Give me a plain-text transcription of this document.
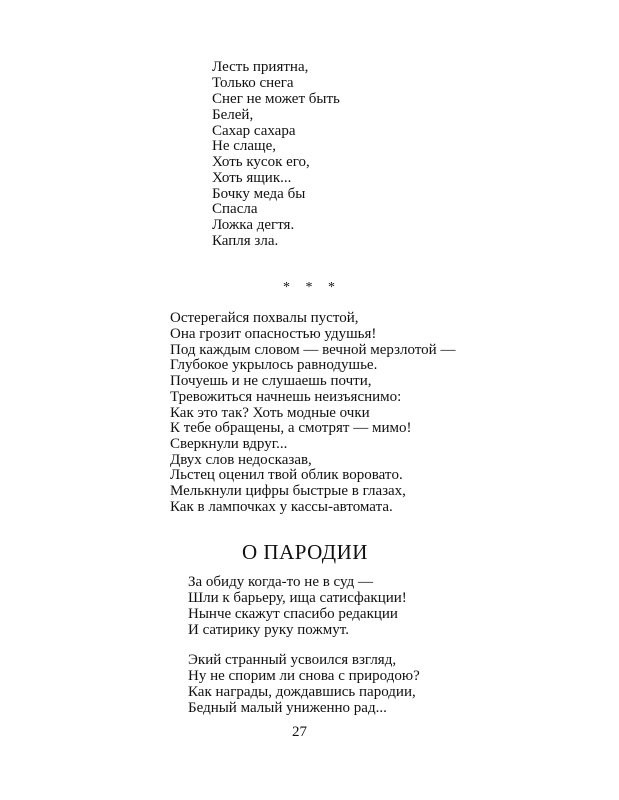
Лесть приятна,
Только снега
Снег не может быть
Белей,
Сахар сахара
Не слаще,
Хоть кусок его,
Хоть ящик...
Бочку меда бы
Спасла
Ложка дегтя.
Капля зла.
* * *
Остерегайся похвалы пустой,
Она грозит опасностью удушья!
Под каждым словом — вечной мерзлотой —
Глубокое укрылось равнодушье.
Почуешь и не слушаешь почти,
Тревожиться начнешь неизъяснимо:
Как это так? Хоть модные очки
К тебе обращены, а смотрят — мимо!
Сверкнули вдруг...
Двух слов недосказав,
Льстец оценил твой облик вороватo.
Мелькнули цифры быстрые в глазах,
Как в лампочках у кассы-автомата.
О ПАРОДИИ
За обиду когда-то не в суд —
Шли к барьеру, ища сатисфакции!
Нынче скажут спасибо редакции
И сатирику руку пожмут.
Экий странный усвоился взгляд,
Ну не спорим ли снова с природою?
Как награды, дождавшись пародии,
Бедный малый униженно рад...
27
